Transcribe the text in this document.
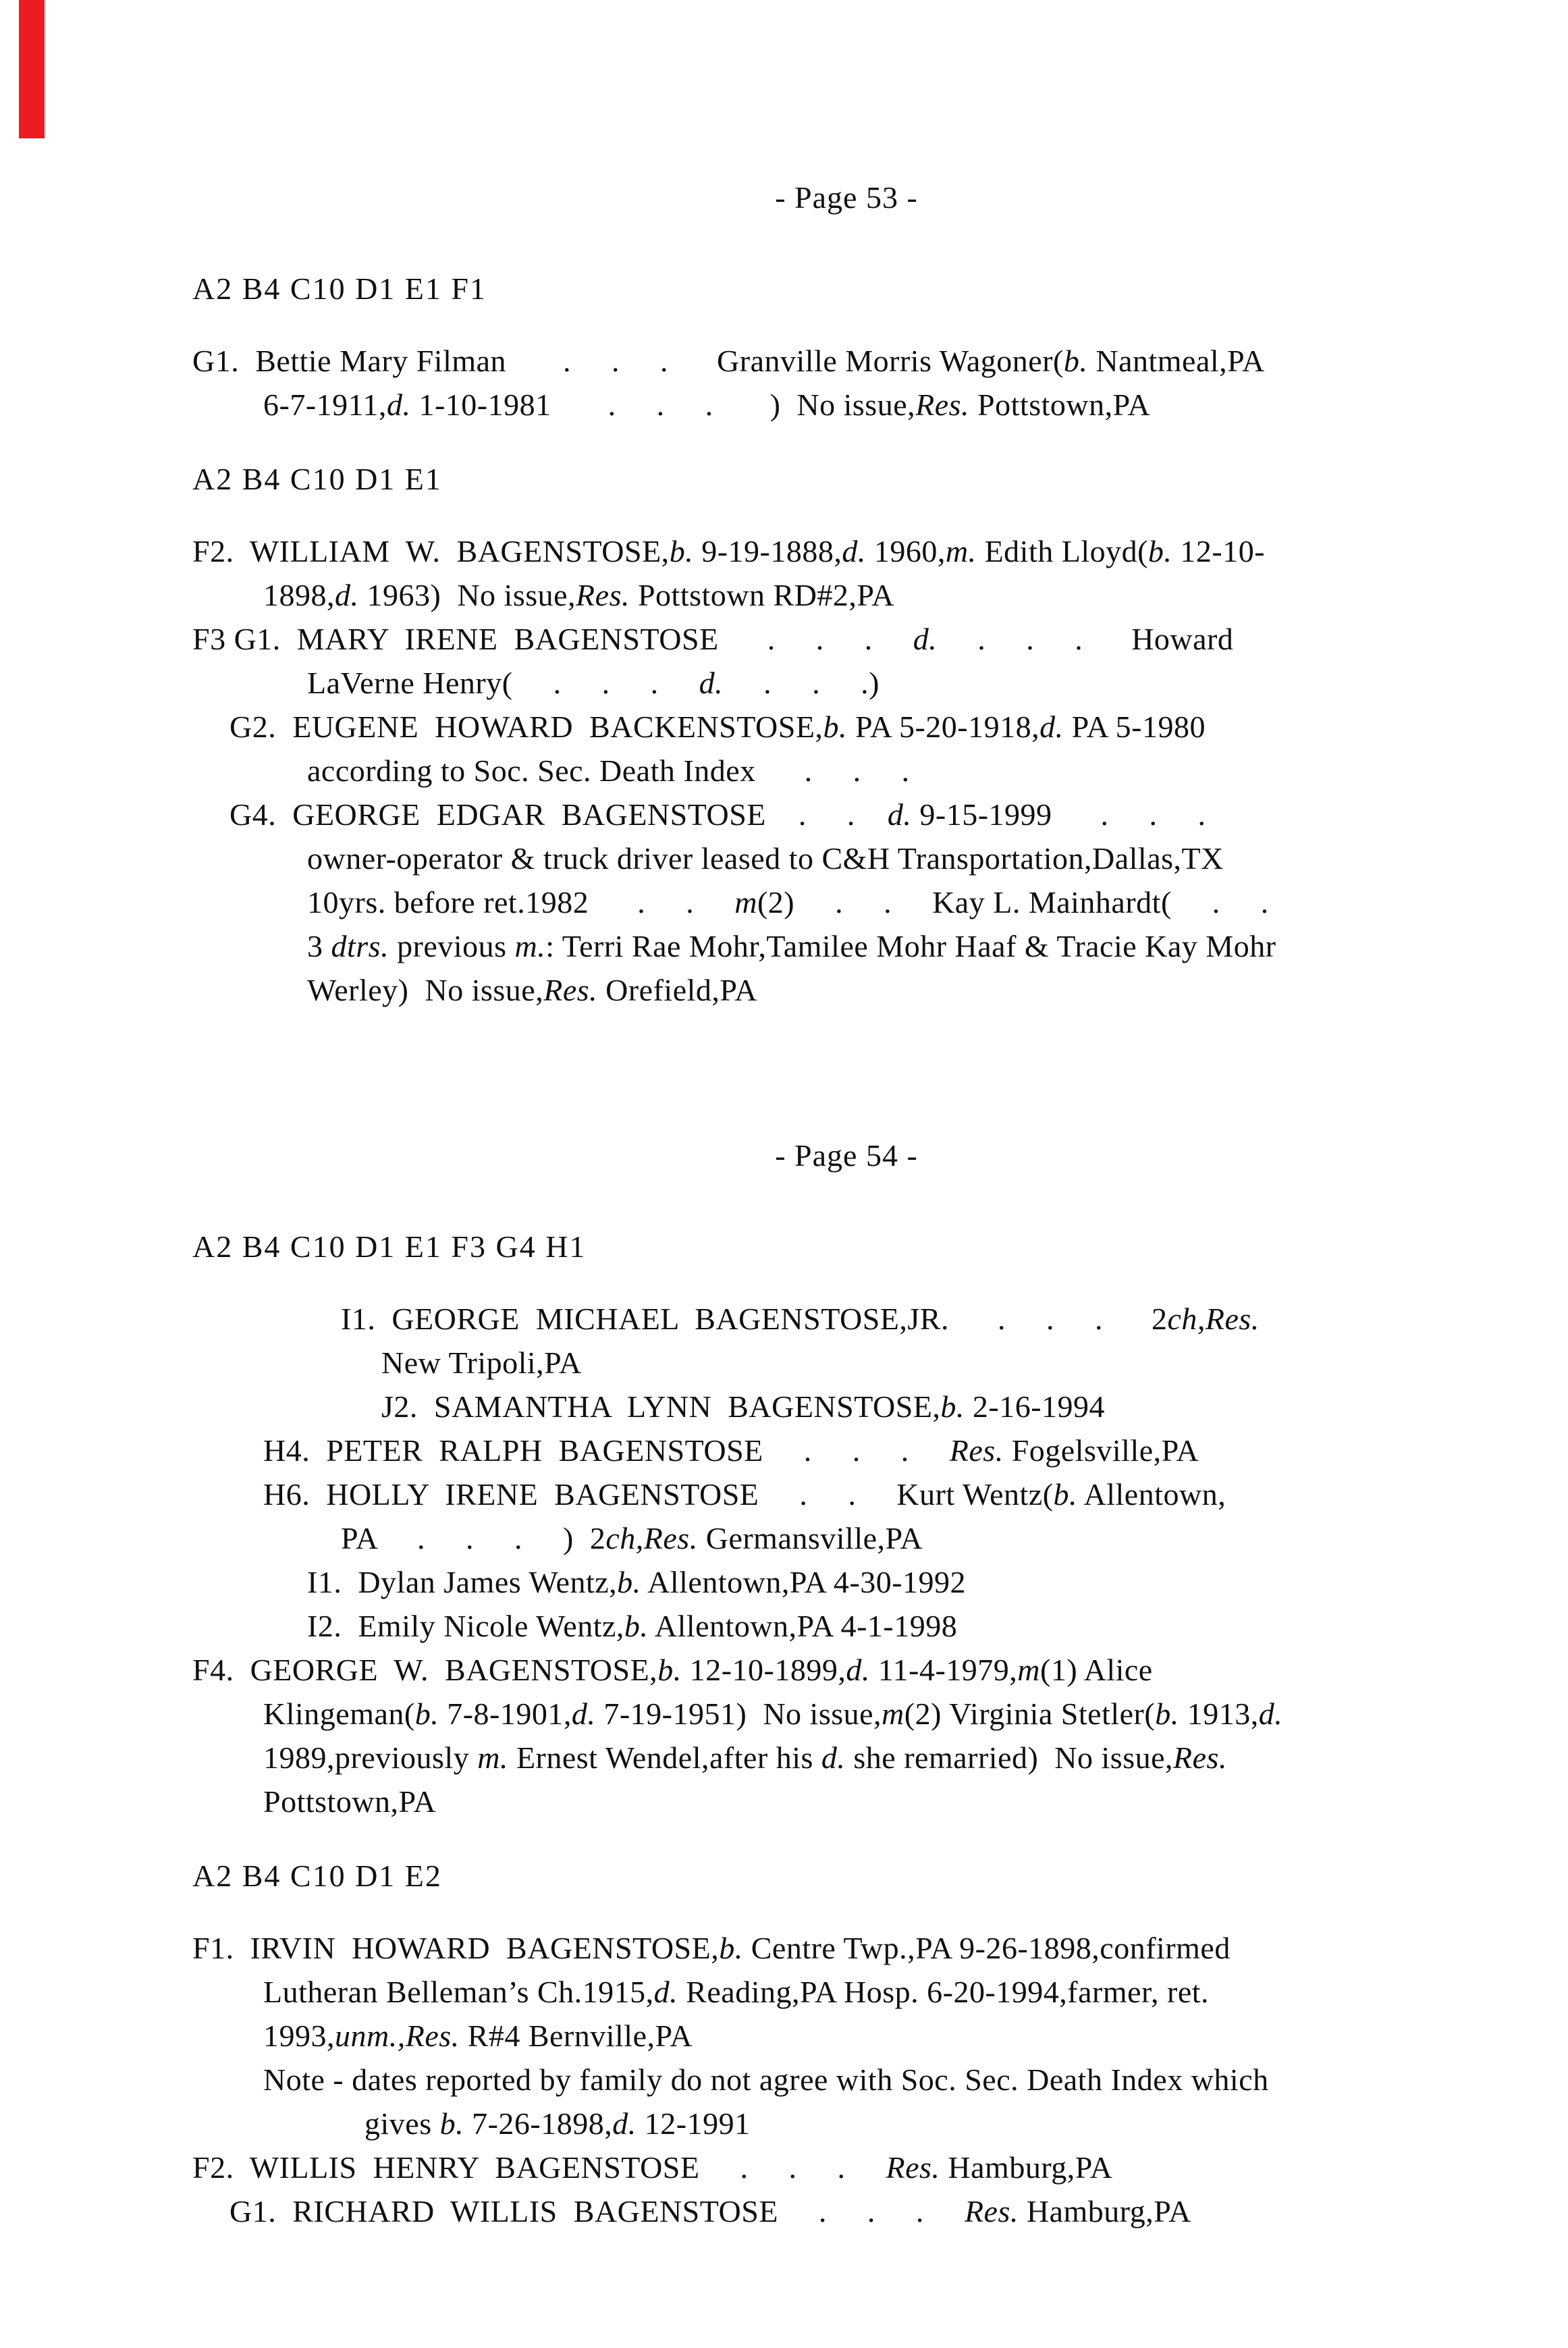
- Page 53 -
A2 B4 C10 D1 E1 F1
G1.  Bettie Mary Filman       .     .     .      Granville Morris Wagoner(b. Nantmeal,PA
6-7-1911,d. 1-10-1981       .     .     .       )  No issue,Res. Pottstown,PA
A2 B4 C10 D1 E1
F2.  WILLIAM  W.  BAGENSTOSE,b. 9-19-1888,d. 1960,m. Edith Lloyd(b. 12-10-
1898,d. 1963)  No issue,Res. Pottstown RD#2,PA
F3 G1.  MARY  IRENE  BAGENSTOSE      .     .     .     d.     .     .     .      Howard
LaVerne Henry(     .     .     .     d.     .     .     .)
G2.  EUGENE  HOWARD  BACKENSTOSE,b. PA 5-20-1918,d. PA 5-1980
according to Soc. Sec. Death Index      .     .     .
G4.  GEORGE  EDGAR  BAGENSTOSE    .     .    d. 9-15-1999      .     .     .
owner-operator & truck driver leased to C&H Transportation,Dallas,TX
10yrs. before ret.1982      .     .     m(2)     .     .     Kay L. Mainhardt(     .     .
3 dtrs. previous m.: Terri Rae Mohr,Tamilee Mohr Haaf & Tracie Kay Mohr
Werley)  No issue,Res. Orefield,PA
- Page 54 -
A2 B4 C10 D1 E1 F3 G4 H1
I1.  GEORGE  MICHAEL  BAGENSTOSE,JR.      .     .     .      2ch,Res.
New Tripoli,PA
J2.  SAMANTHA  LYNN  BAGENSTOSE,b. 2-16-1994
H4.  PETER  RALPH  BAGENSTOSE     .     .     .     Res. Fogelsville,PA
H6.  HOLLY  IRENE  BAGENSTOSE     .     .     Kurt Wentz(b. Allentown,
PA     .     .     .     )  2ch,Res. Germansville,PA
I1.  Dylan James Wentz,b. Allentown,PA 4-30-1992
I2.  Emily Nicole Wentz,b. Allentown,PA 4-1-1998
F4.  GEORGE  W.  BAGENSTOSE,b. 12-10-1899,d. 11-4-1979,m(1) Alice
Klingeman(b. 7-8-1901,d. 7-19-1951)  No issue,m(2) Virginia Stetler(b. 1913,d.
1989,previously m. Ernest Wendel,after his d. she remarried)  No issue,Res.
Pottstown,PA
A2 B4 C10 D1 E2
F1.  IRVIN  HOWARD  BAGENSTOSE,b. Centre Twp.,PA 9-26-1898,confirmed
Lutheran Belleman’s Ch.1915,d. Reading,PA Hosp. 6-20-1994,farmer, ret.
1993,unm.,Res. R#4 Bernville,PA
Note - dates reported by family do not agree with Soc. Sec. Death Index which
gives b. 7-26-1898,d. 12-1991
F2.  WILLIS  HENRY  BAGENSTOSE     .     .     .     Res. Hamburg,PA
G1.  RICHARD  WILLIS  BAGENSTOSE     .     .     .     Res. Hamburg,PA
